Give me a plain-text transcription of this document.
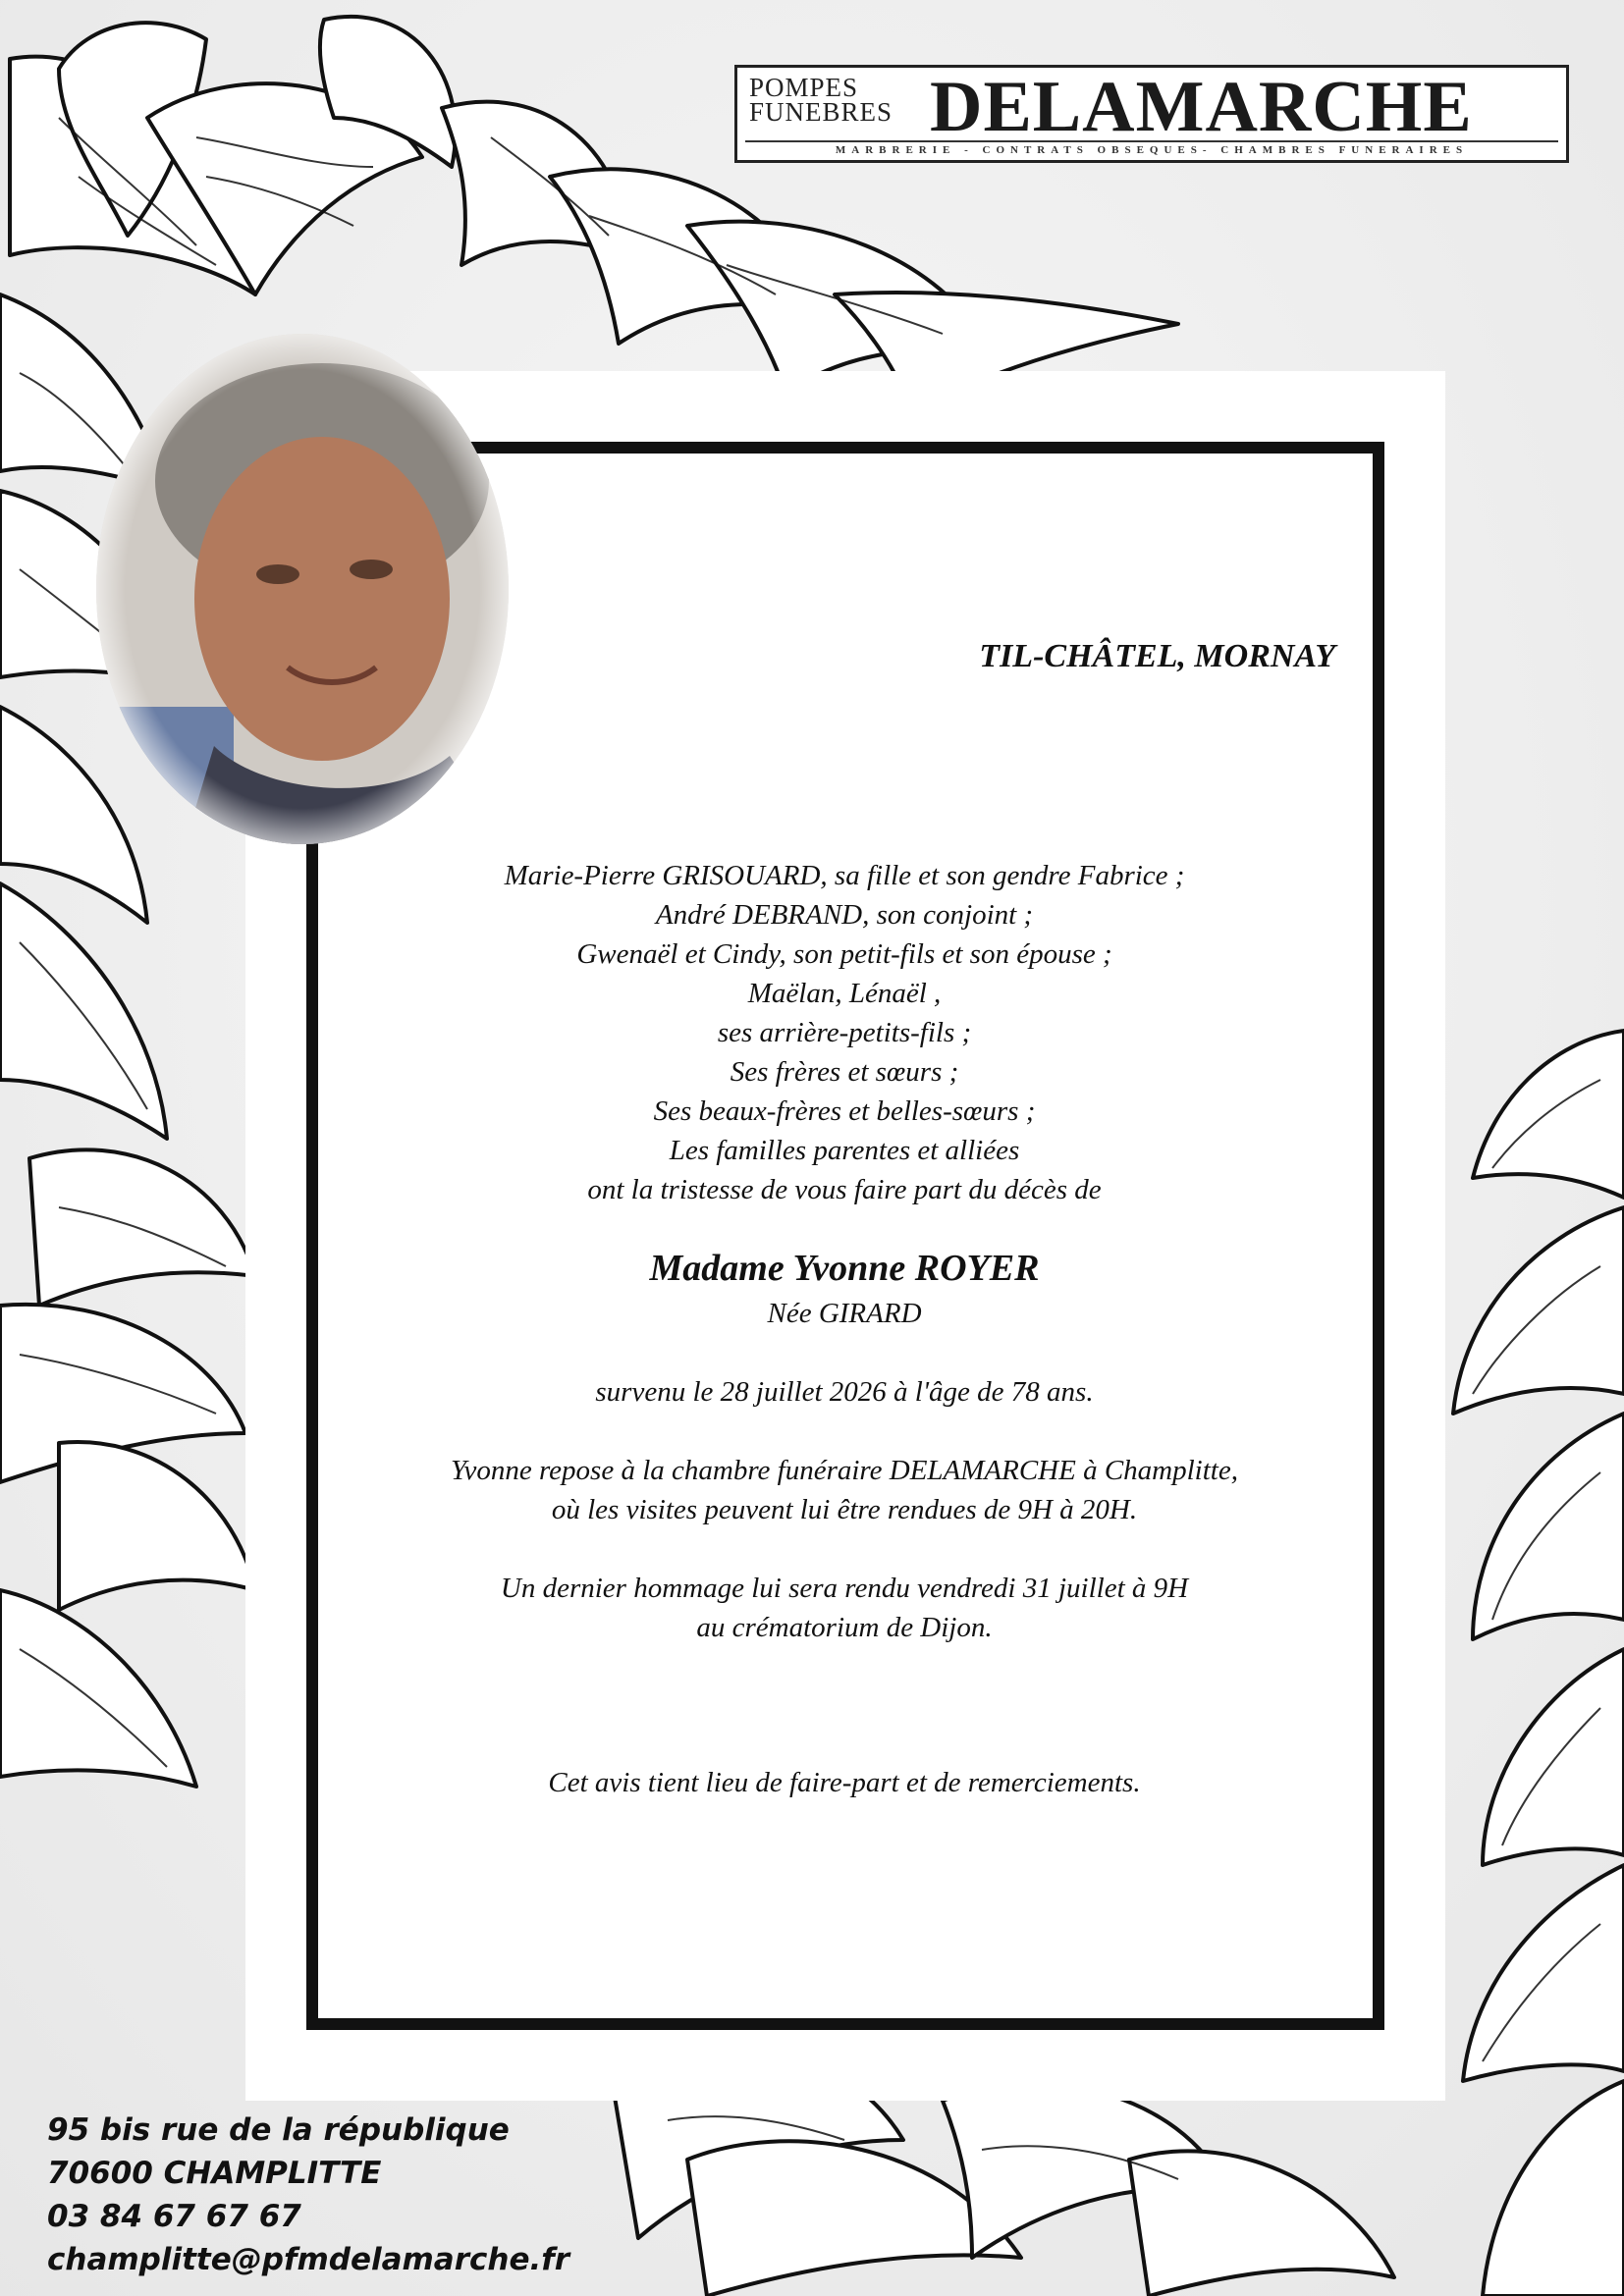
POMPES
FUNEBRES DELAMARCHE
MARBRERIE - CONTRATS OBSEQUES- CHAMBRES FUNERAIRES
TIL-CHÂTEL, MORNAY
Marie-Pierre GRISOUARD, sa fille et son gendre Fabrice ;
André DEBRAND, son conjoint ;
Gwenaël et Cindy, son petit-fils et son épouse ;
Maëlan, Lénaël ,
ses arrière-petits-fils ;
Ses frères et sœurs ;
Ses beaux-frères et belles-sœurs ;
Les familles parentes et alliées
ont la tristesse de vous faire part du décès de
Madame Yvonne ROYER
Née GIRARD
survenu le 28 juillet 2026 à l'âge de 78 ans.
Yvonne repose à la chambre funéraire DELAMARCHE à Champlitte,
où les visites peuvent lui être rendues de 9H à 20H.
Un dernier hommage lui sera rendu vendredi 31 juillet à 9H
au crématorium de Dijon.
Cet avis tient lieu de faire-part et de remerciements.
95 bis rue de la république
70600 CHAMPLITTE
03 84 67 67 67
champlitte@pfmdelamarche.fr
